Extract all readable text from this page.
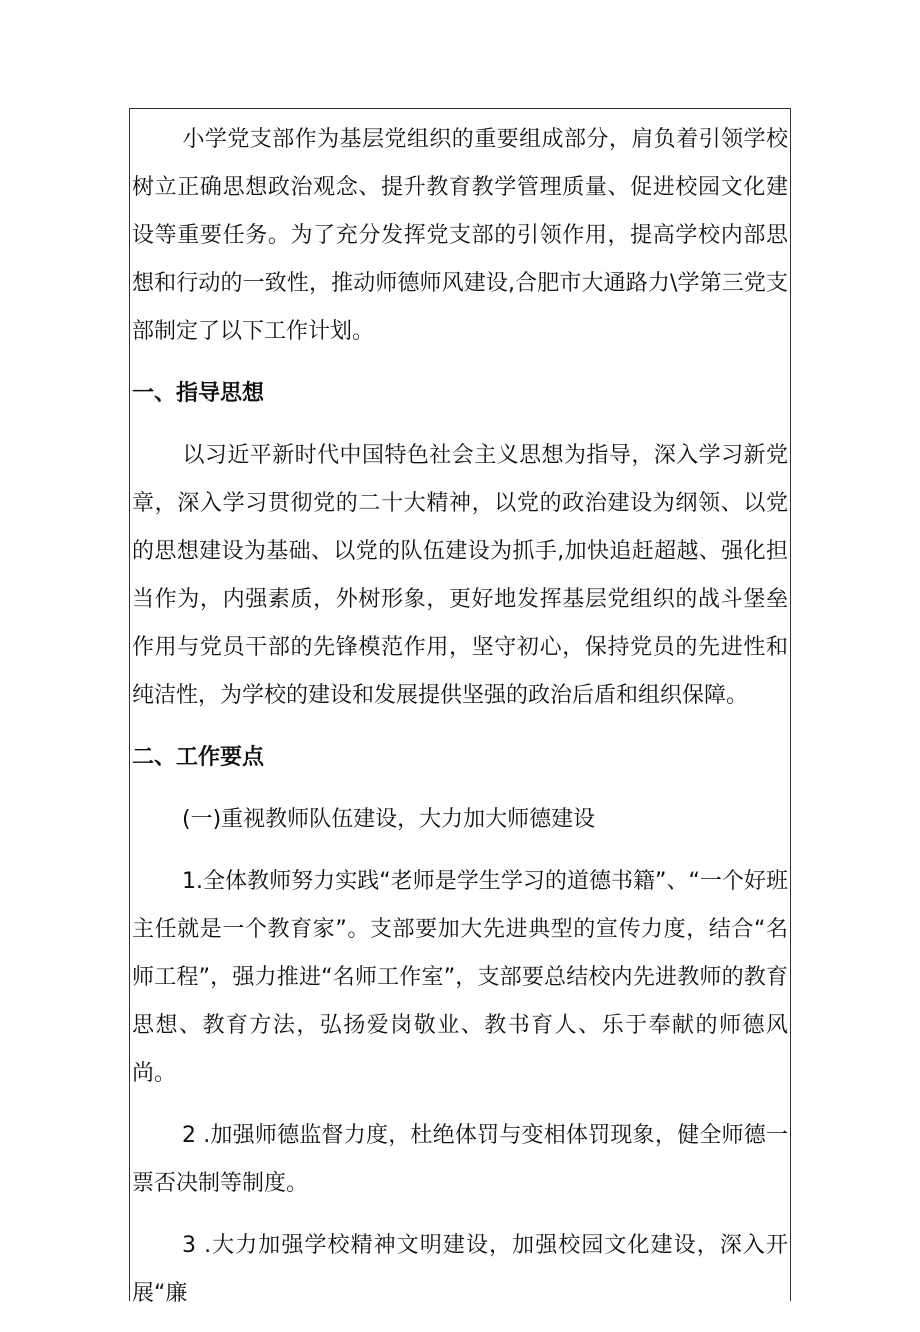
小学党支部作为基层党组织的重要组成部分，肩负着引领学校树立正确思想政治观念、提升教育教学管理质量、促进校园文化建设等重要任务。为了充分发挥党支部的引领作用，提高学校内部思想和行动的一致性，推动师德师风建设,合肥市大通路力\学第三党支部制定了以下工作计划。

一、指导思想

以习近平新时代中国特色社会主义思想为指导，深入学习新党章，深入学习贯彻党的二十大精神，以党的政治建设为纲领、以党的思想建设为基础、以党的队伍建设为抓手,加快追赶超越、强化担当作为，内强素质，外树形象，更好地发挥基层党组织的战斗堡垒作用与党员干部的先锋模范作用，坚守初心，保持党员的先进性和纯洁性，为学校的建设和发展提供坚强的政治后盾和组织保障。

二、工作要点

(一)重视教师队伍建设，大力加大师德建设

1.全体教师努力实践“老师是学生学习的道德书籍”、“一个好班主任就是一个教育家”。支部要加大先进典型的宣传力度，结合“名师工程”，强力推进“名师工作室”，支部要总结校内先进教师的教育思想、教育方法，弘扬爱岗敬业、教书育人、乐于奉献的师德风尚。

2 .加强师德监督力度，杜绝体罚与变相体罚现象，健全师德一票否决制等制度。

3 .大力加强学校精神文明建设，加强校园文化建设，深入开展“廉
